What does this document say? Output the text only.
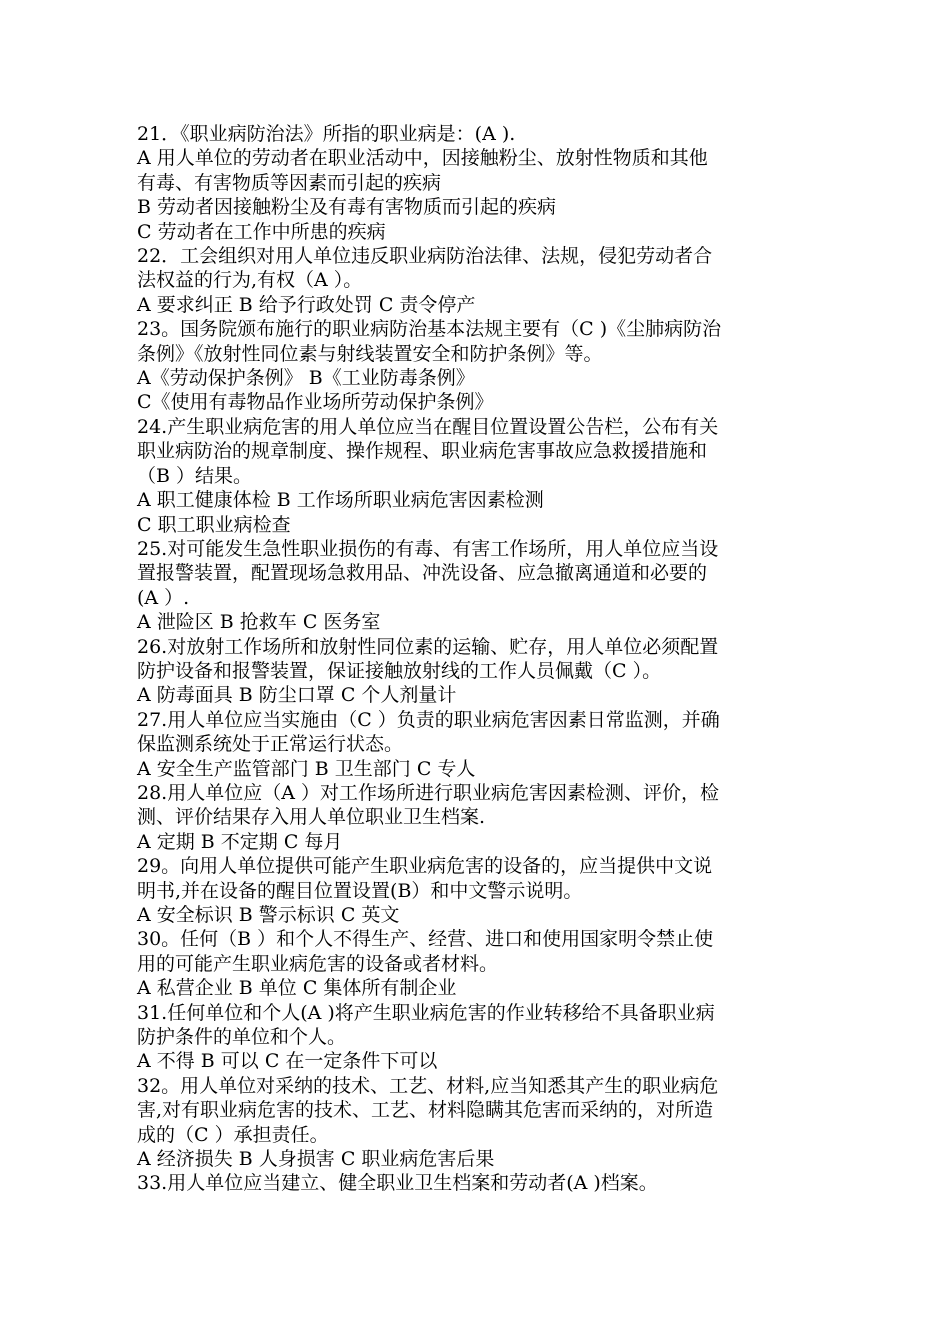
21．《职业病防治法》所指的职业病是：(A ).
A 用人单位的劳动者在职业活动中，因接触粉尘、放射性物质和其他
有毒、有害物质等因素而引起的疾病
B 劳动者因接触粉尘及有毒有害物质而引起的疾病
C 劳动者在工作中所患的疾病
22．工会组织对用人单位违反职业病防治法律、法规，侵犯劳动者合
法权益的行为,有权（A ）。
A 要求纠正 B 给予行政处罚 C 责令停产
23。国务院颁布施行的职业病防治基本法规主要有（C )《尘肺病防治
条例》《放射性同位素与射线装置安全和防护条例》等。
A《劳动保护条例》 B《工业防毒条例》
C《使用有毒物品作业场所劳动保护条例》
24.产生职业病危害的用人单位应当在醒目位置设置公告栏，公布有关
职业病防治的规章制度、操作规程、职业病危害事故应急救援措施和
（B ）结果。
A 职工健康体检 B 工作场所职业病危害因素检测
C 职工职业病检查
25.对可能发生急性职业损伤的有毒、有害工作场所，用人单位应当设
置报警装置，配置现场急救用品、冲洗设备、应急撤离通道和必要的
(A ）.
A 泄险区 B 抢救车 C 医务室
26.对放射工作场所和放射性同位素的运输、贮存，用人单位必须配置
防护设备和报警装置，保证接触放射线的工作人员佩戴（C ）。
A 防毒面具 B 防尘口罩 C 个人剂量计
27.用人单位应当实施由（C ）负责的职业病危害因素日常监测，并确
保监测系统处于正常运行状态。
A 安全生产监管部门 B 卫生部门 C 专人
28.用人单位应（A ）对工作场所进行职业病危害因素检测、评价，检
测、评价结果存入用人单位职业卫生档案.
A 定期 B 不定期 C 每月
29。向用人单位提供可能产生职业病危害的设备的，应当提供中文说
明书,并在设备的醒目位置设置(B）和中文警示说明。
A 安全标识 B 警示标识 C 英文
30。任何（B ）和个人不得生产、经营、进口和使用国家明令禁止使
用的可能产生职业病危害的设备或者材料。
A 私营企业 B 单位 C 集体所有制企业
31.任何单位和个人(A )将产生职业病危害的作业转移给不具备职业病
防护条件的单位和个人。
A 不得 B 可以 C 在一定条件下可以
32。用人单位对采纳的技术、工艺、材料,应当知悉其产生的职业病危
害,对有职业病危害的技术、工艺、材料隐瞒其危害而采纳的，对所造
成的（C ）承担责任。
A 经济损失 B 人身损害 C 职业病危害后果
33.用人单位应当建立、健全职业卫生档案和劳动者(A )档案。
